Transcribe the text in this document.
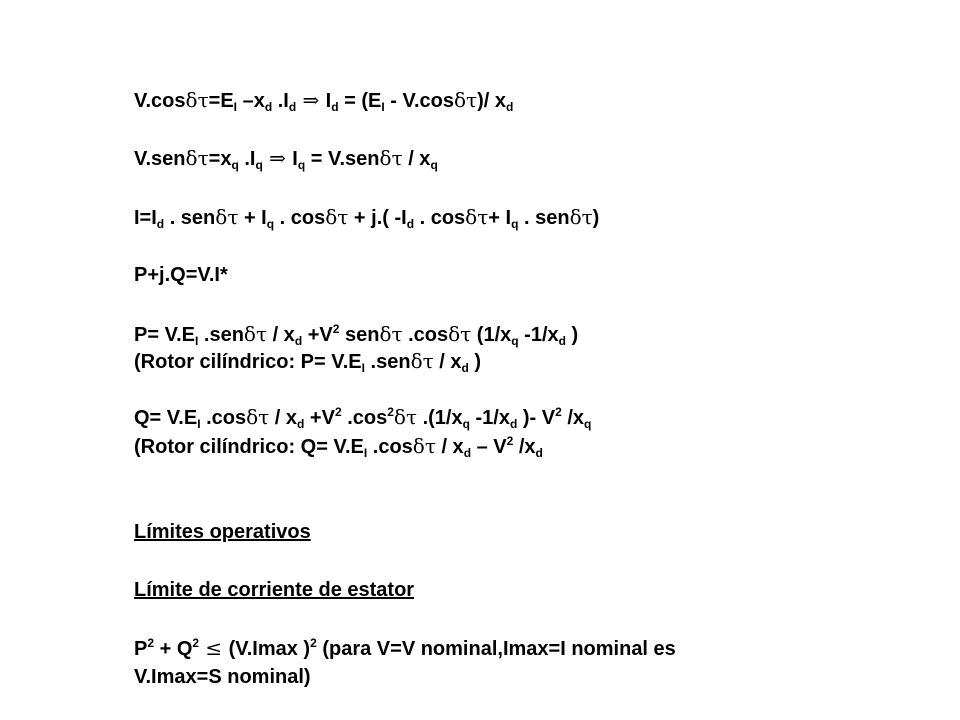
$V.\cos\delta\tau=E_I$ $-x_d$ $.I_d$ ⇒ $I_d = (E_I - V.\cos\delta\tau)/$ $x_d$
$V.sen\delta\tau=x_q$ $.I_q$ ⇒ $I_q = V.sen\delta\tau / x_q$
$I=I_d$ . $sen\delta\tau + I_q$ . cosδτ + j.( $-I_d$ . $\cos\delta\tau+ I_q$ . senδτ)
P+j.Q=V.I*
$P= V.E_I$ $.sen\delta\tau / x_d +V^2$ senδτ .cosδτ ($1/x_q$ $-1/x_d$ )
(Rotor cilíndrico: $P= V.E_I$ .senδτ / $x_d$ )
$Q= V.E_I$ $.\cos\delta\tau / x_d +V^2$ $.\cos^2\delta\tau$ $.(1/x_q$ $-1/x_d$ )- $V^2$ $/x_q$
(Rotor cilíndrico: $Q= V.E_I$ .cosδτ / $x_d - V^2$ $/x_d$
Límites operativos
Límite de corriente de estator
$P^2 + Q^2 \le (V.Imax$ )$^2$ (para V=V nominal,Imax=I nominal es
V.Imax=S nominal)
